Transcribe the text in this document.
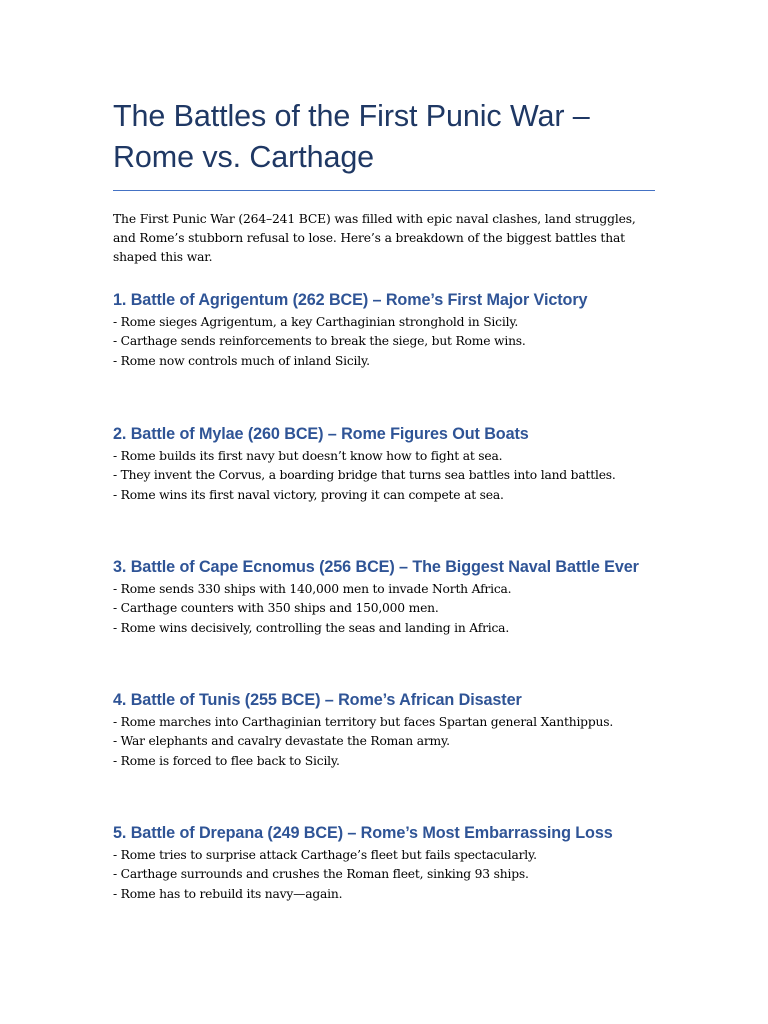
The Battles of the First Punic War –
Rome vs. Carthage

The First Punic War (264–241 BCE) was filled with epic naval clashes, land struggles, and Rome’s stubborn refusal to lose. Here’s a breakdown of the biggest battles that shaped this war.

1. Battle of Agrigentum (262 BCE) – Rome’s First Major Victory
- Rome sieges Agrigentum, a key Carthaginian stronghold in Sicily.
- Carthage sends reinforcements to break the siege, but Rome wins.
- Rome now controls much of inland Sicily.
2. Battle of Mylae (260 BCE) – Rome Figures Out Boats
- Rome builds its first navy but doesn’t know how to fight at sea.
- They invent the Corvus, a boarding bridge that turns sea battles into land battles.
- Rome wins its first naval victory, proving it can compete at sea.
3. Battle of Cape Ecnomus (256 BCE) – The Biggest Naval Battle Ever
- Rome sends 330 ships with 140,000 men to invade North Africa.
- Carthage counters with 350 ships and 150,000 men.
- Rome wins decisively, controlling the seas and landing in Africa.
4. Battle of Tunis (255 BCE) – Rome’s African Disaster
- Rome marches into Carthaginian territory but faces Spartan general Xanthippus.
- War elephants and cavalry devastate the Roman army.
- Rome is forced to flee back to Sicily.
5. Battle of Drepana (249 BCE) – Rome’s Most Embarrassing Loss
- Rome tries to surprise attack Carthage’s fleet but fails spectacularly.
- Carthage surrounds and crushes the Roman fleet, sinking 93 ships.
- Rome has to rebuild its navy—again.
